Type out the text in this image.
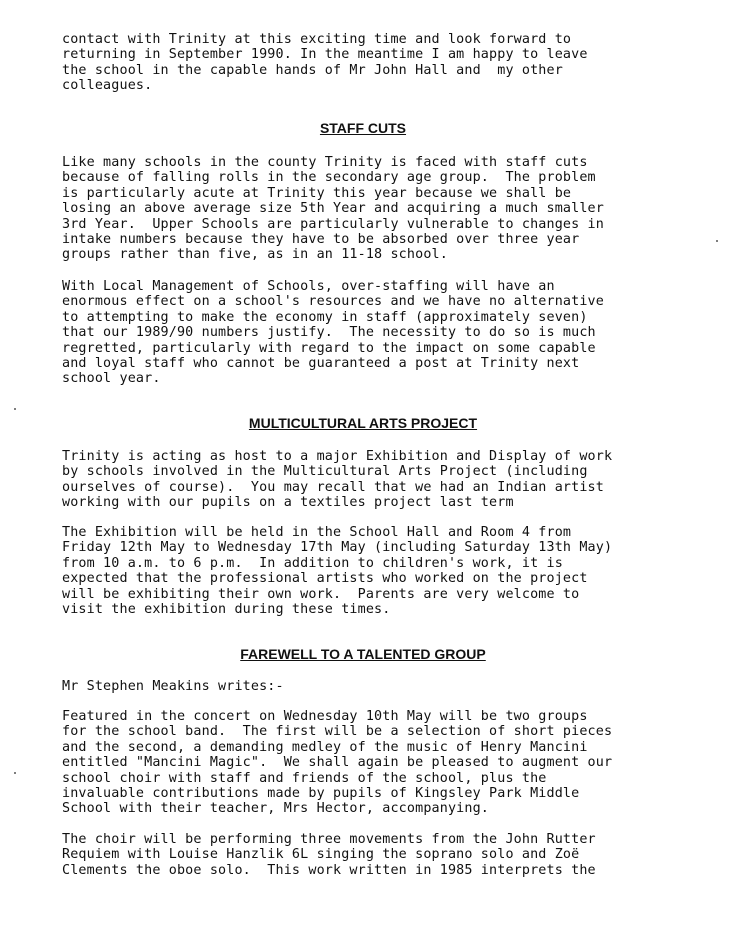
contact with Trinity at this exciting time and look forward to
returning in September 1990. In the meantime I am happy to leave
the school in the capable hands of Mr John Hall and  my other
colleagues.
STAFF CUTS
Like many schools in the county Trinity is faced with staff cuts
because of falling rolls in the secondary age group.  The problem
is particularly acute at Trinity this year because we shall be
losing an above average size 5th Year and acquiring a much smaller
3rd Year.  Upper Schools are particularly vulnerable to changes in
intake numbers because they have to be absorbed over three year
groups rather than five, as in an 11-18 school.
With Local Management of Schools, over-staffing will have an
enormous effect on a school's resources and we have no alternative
to attempting to make the economy in staff (approximately seven)
that our 1989/90 numbers justify.  The necessity to do so is much
regretted, particularly with regard to the impact on some capable
and loyal staff who cannot be guaranteed a post at Trinity next
school year.
MULTICULTURAL ARTS PROJECT
Trinity is acting as host to a major Exhibition and Display of work
by schools involved in the Multicultural Arts Project (including
ourselves of course).  You may recall that we had an Indian artist
working with our pupils on a textiles project last term
The Exhibition will be held in the School Hall and Room 4 from
Friday 12th May to Wednesday 17th May (including Saturday 13th May)
from 10 a.m. to 6 p.m.  In addition to children's work, it is
expected that the professional artists who worked on the project
will be exhibiting their own work.  Parents are very welcome to
visit the exhibition during these times.
FAREWELL TO A TALENTED GROUP
Mr Stephen Meakins writes:-
Featured in the concert on Wednesday 10th May will be two groups
for the school band.  The first will be a selection of short pieces
and the second, a demanding medley of the music of Henry Mancini
entitled "Mancini Magic".  We shall again be pleased to augment our
school choir with staff and friends of the school, plus the
invaluable contributions made by pupils of Kingsley Park Middle
School with their teacher, Mrs Hector, accompanying.
The choir will be performing three movements from the John Rutter
Requiem with Louise Hanzlik 6L singing the soprano solo and Zoë
Clements the oboe solo.  This work written in 1985 interprets the
